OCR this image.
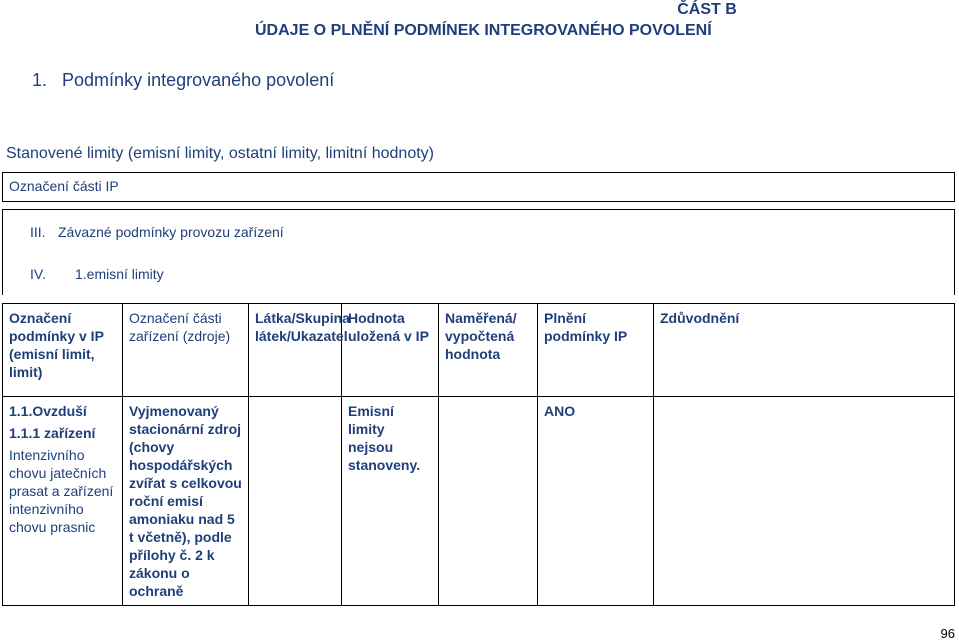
ČÁST B
ÚDAJE O PLNĚNÍ PODMÍNEK INTEGROVANÉHO POVOLENÍ
1. Podmínky integrovaného povolení
Stanovené limity (emisní limity, ostatní limity, limitní hodnoty)
Označení části IP
III. Závazné podmínky provozu zařízení
IV. 1.emisní limity
Označení podmínky v IP (emisní limit, limit)	Označení části zařízení (zdroje)	Látka/Skupina látek/Ukazatel	Hodnota uložená v IP	Naměřená/ vypočtená hodnota	Plnění podmínky IP	Zdůvodnění

1.1.Ovzduší
1.1.1 zařízení
Intenzivního chovu jatečních prasat a zařízení intenzivního chovu prasnic	Vyjmenovaný stacionární zdroj (chovy hospodářských zvířat s celkovou roční emisí amoniaku nad 5 t včetně), podle přílohy č. 2 k zákonu o ochraně		Emisní limity nejsou stanoveny.		ANO	
96
